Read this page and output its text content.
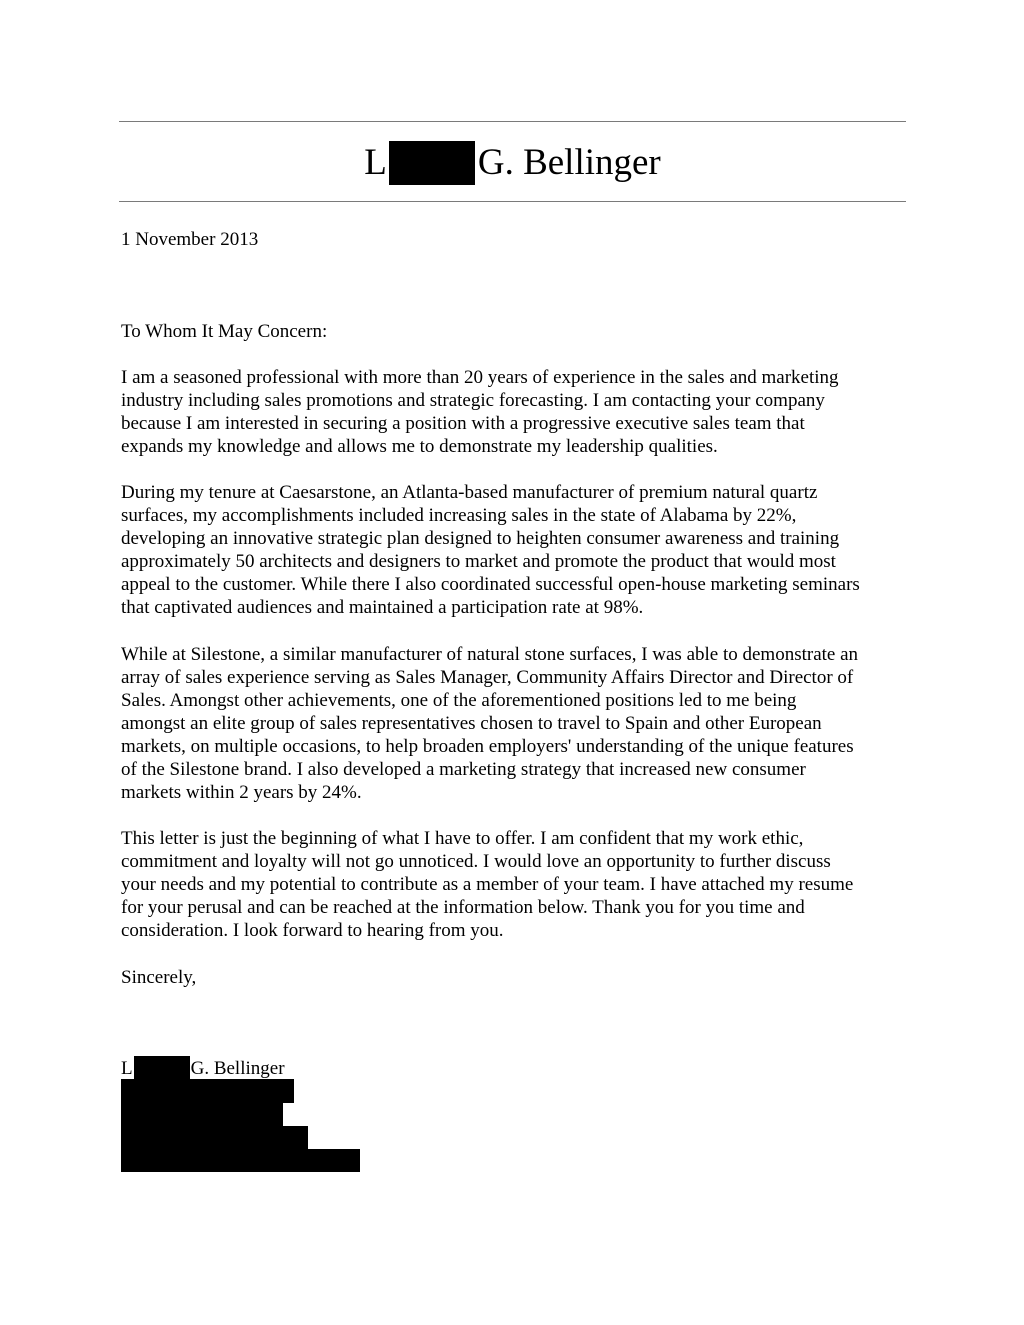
L G. Bellinger
1 November 2013
To Whom It May Concern:
I am a seasoned professional with more than 20 years of experience in the sales and marketing
industry including sales promotions and strategic forecasting. I am contacting your company
because I am interested in securing a position with a progressive executive sales team that
expands my knowledge and allows me to demonstrate my leadership qualities.
During my tenure at Caesarstone, an Atlanta-based manufacturer of premium natural quartz
surfaces, my accomplishments included increasing sales in the state of Alabama by 22%,
developing an innovative strategic plan designed to heighten consumer awareness and training
approximately 50 architects and designers to market and promote the product that would most
appeal to the customer. While there I also coordinated successful open-house marketing seminars
that captivated audiences and maintained a participation rate at 98%.
While at Silestone, a similar manufacturer of natural stone surfaces, I was able to demonstrate an
array of sales experience serving as Sales Manager, Community Affairs Director and Director of
Sales. Amongst other achievements, one of the aforementioned positions led to me being
amongst an elite group of sales representatives chosen to travel to Spain and other European
markets, on multiple occasions, to help broaden employers' understanding of the unique features
of the Silestone brand. I also developed a marketing strategy that increased new consumer
markets within 2 years by 24%.
This letter is just the beginning of what I have to offer. I am confident that my work ethic,
commitment and loyalty will not go unnoticed. I would love an opportunity to further discuss
your needs and my potential to contribute as a member of your team. I have attached my resume
for your perusal and can be reached at the information below. Thank you for you time and
consideration. I look forward to hearing from you.
Sincerely,
L	G. Bellinger
